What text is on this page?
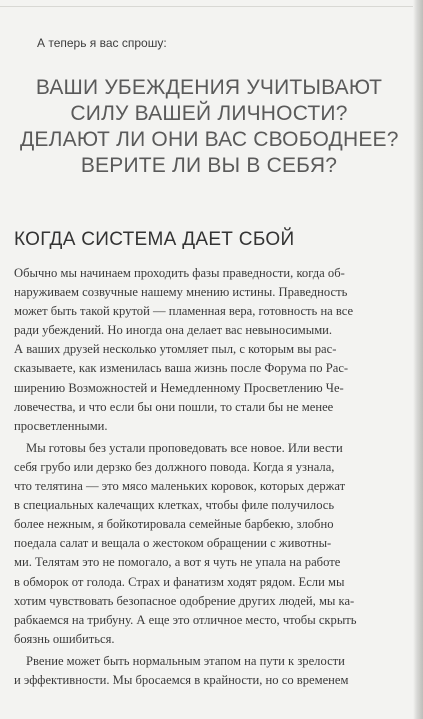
А теперь я вас спрошу:
ВАШИ УБЕЖДЕНИЯ УЧИТЫВАЮТ
СИЛУ ВАШЕЙ ЛИЧНОСТИ?
ДЕЛАЮТ ЛИ ОНИ ВАС СВОБОДНЕЕ?
ВЕРИТЕ ЛИ ВЫ В СЕБЯ?
КОГДА СИСТЕМА ДАЕТ СБОЙ

Обычно мы начинаем проходить фазы праведности, когда об-
наруживаем созвучные нашему мнению истины. Праведность
может быть такой крутой — пламенная вера, готовность на все
ради убеждений. Но иногда она делает вас невыносимыми.
А ваших друзей несколько утомляет пыл, с которым вы рас-
сказываете, как изменилась ваша жизнь после Форума по Рас-
ширению Возможностей и Немедленному Просветлению Че-
ловечества, и что если бы они пошли, то стали бы не менее
просветленными.

Мы готовы без устали проповедовать все новое. Или вести
себя грубо или дерзко без должного повода. Когда я узнала,
что телятина — это мясо маленьких коровок, которых держат
в специальных калечащих клетках, чтобы филе получилось
более нежным, я бойкотировала семейные барбекю, злобно
поедала салат и вещала о жестоком обращении с животны-
ми. Телятам это не помогало, а вот я чуть не упала на работе
в обморок от голода. Страх и фанатизм ходят рядом. Если мы
хотим чувствовать безопасное одобрение других людей, мы ка-
рабкаемся на трибуну. А еще это отличное место, чтобы скрыть
боязнь ошибиться.

Рвение может быть нормальным этапом на пути к зрелости
и эффективности. Мы бросаемся в крайности, но со временем
